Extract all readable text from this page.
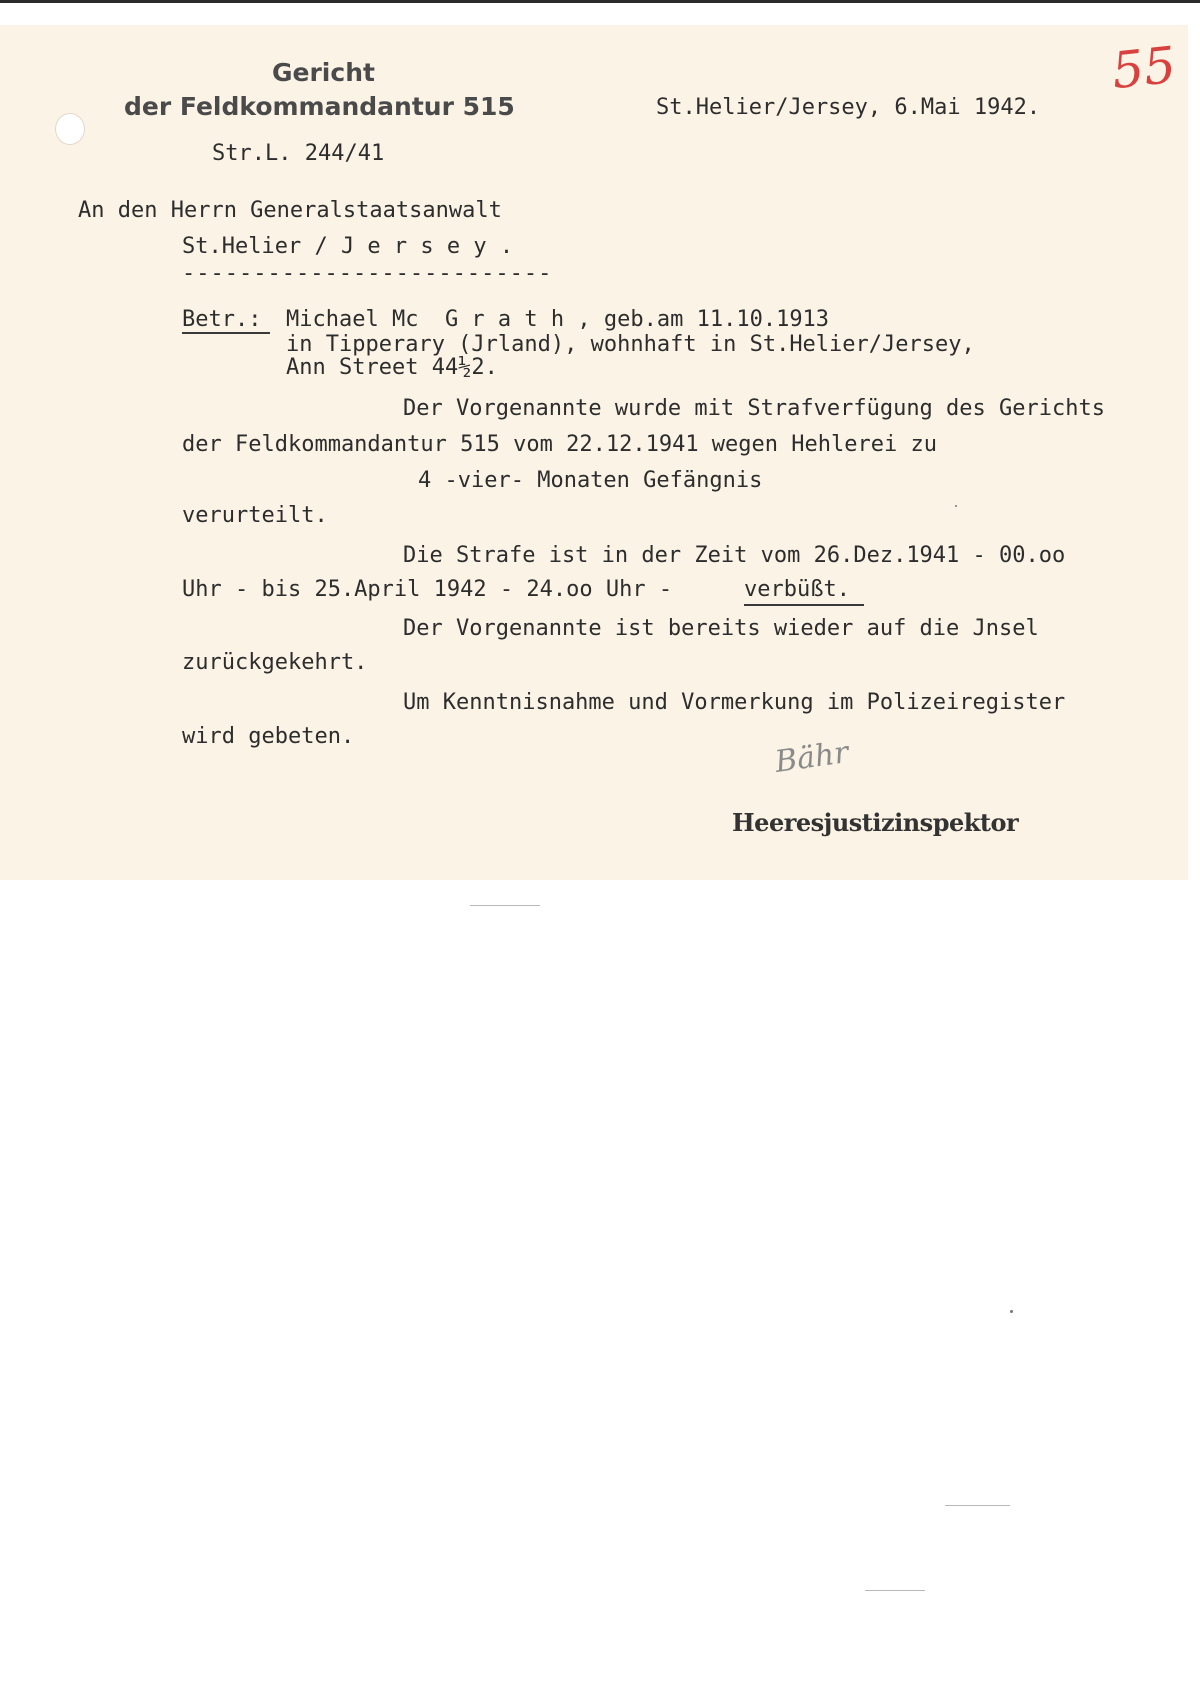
Gericht
der Feldkommandantur 515
Str.L. 244/41
St.Helier/Jersey, 6.Mai 1942.
55
An den Herrn Generalstaatsanwalt
St.Helier / J e r s e y .
--------------------------
Betr.: Michael Mc  G r a t h , geb.am 11.10.1913
in Tipperary (Jrland), wohnhaft in St.Helier/Jersey,
Ann Street 44½2.
Der Vorgenannte wurde mit Strafverfügung des Gerichts
der Feldkommandantur 515 vom 22.12.1941 wegen Hehlerei zu
4 -vier- Monaten Gefängnis
verurteilt.
Die Strafe ist in der Zeit vom 26.Dez.1941 - 00.oo
Uhr - bis 25.April 1942 - 24.oo Uhr -	verbüßt.
Der Vorgenannte ist bereits wieder auf die Jnsel
zurückgekehrt.
Um Kenntnisnahme und Vormerkung im Polizeiregister
wird gebeten.	Bähr
Heeresjustizinspektor
